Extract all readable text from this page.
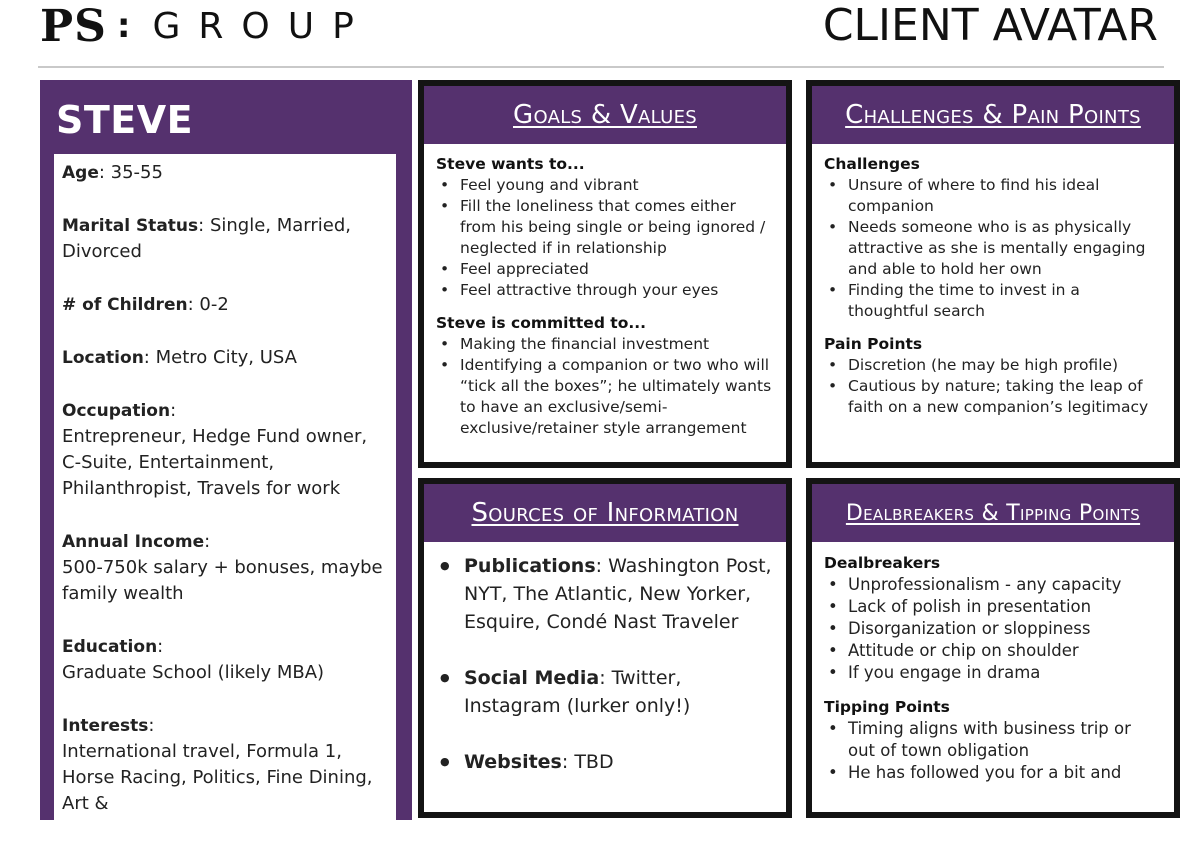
PS : GROUP	CLIENT AVATAR
STEVE
Age: 35-55
Marital Status: Single, Married, Divorced
# of Children: 0-2
Location: Metro City, USA
Occupation:
Entrepreneur, Hedge Fund owner, C-Suite, Entertainment, Philanthropist, Travels for work
Annual Income:
500-750k salary + bonuses, maybe family wealth
Education:
Graduate School (likely MBA)
Interests:
International travel, Formula 1, Horse Racing, Politics, Fine Dining, Art &
Goals & Values
Steve wants to...
• Feel young and vibrant
• Fill the loneliness that comes either from his being single or being ignored / neglected if in relationship
• Feel appreciated
• Feel attractive through your eyes
Steve is committed to...
• Making the financial investment
• Identifying a companion or two who will “tick all the boxes”; he ultimately wants to have an exclusive/semi-exclusive/retainer style arrangement
Challenges & Pain Points
Challenges
• Unsure of where to find his ideal companion
• Needs someone who is as physically attractive as she is mentally engaging and able to hold her own
• Finding the time to invest in a thoughtful search
Pain Points
• Discretion (he may be high profile)
• Cautious by nature; taking the leap of faith on a new companion’s legitimacy
Sources of Information
● Publications: Washington Post, NYT, The Atlantic, New Yorker, Esquire, Condé Nast Traveler
● Social Media: Twitter, Instagram (lurker only!)
● Websites: TBD
Dealbreakers & Tipping Points
Dealbreakers
• Unprofessionalism - any capacity
• Lack of polish in presentation
• Disorganization or sloppiness
• Attitude or chip on shoulder
• If you engage in drama
Tipping Points
• Timing aligns with business trip or out of town obligation
• He has followed you for a bit and
